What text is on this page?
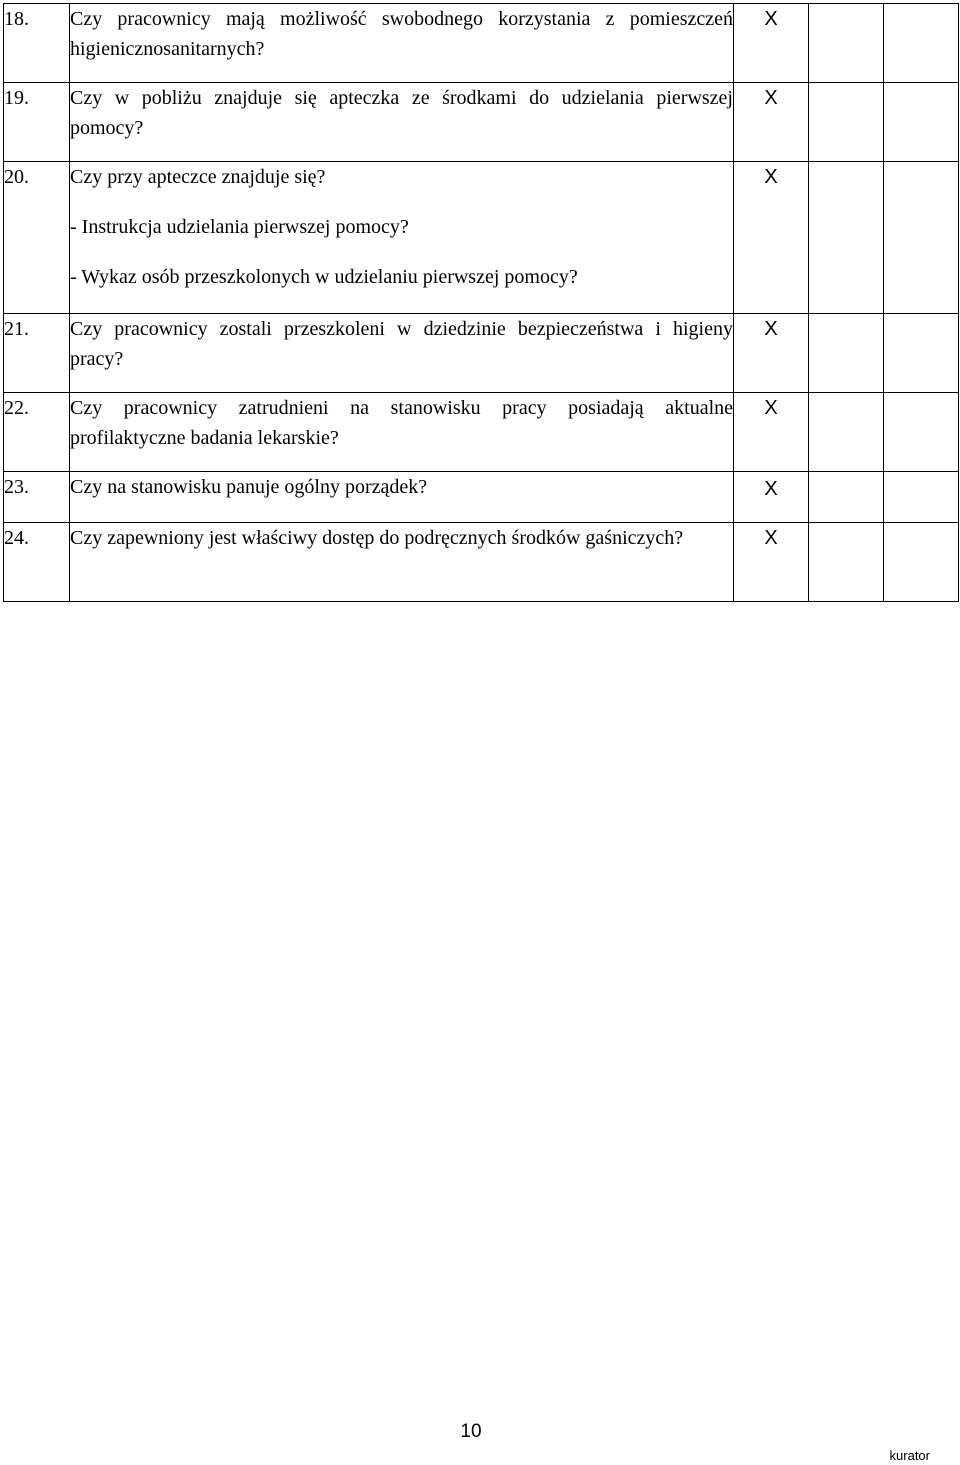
18.	Czy pracownicy mają możliwość swobodnego korzystania z pomieszczeń higienicznosanitarnych?	X		
19.	Czy w pobliżu znajduje się apteczka ze środkami do udzielania pierwszej pomocy?	X		
20.	Czy przy apteczce znajduje się?
- Instrukcja udzielania pierwszej pomocy?
- Wykaz osób przeszkolonych w udzielaniu pierwszej pomocy?	X		
21.	Czy pracownicy zostali przeszkoleni w dziedzinie bezpieczeństwa i higieny pracy?	X		
22.	Czy pracownicy zatrudnieni na stanowisku pracy posiadają aktualne profilaktyczne badania lekarskie?	X		
23.	Czy na stanowisku panuje ogólny porządek?	X		
24.	Czy zapewniony jest właściwy dostęp do podręcznych środków gaśniczych?	X		
10
kurator
